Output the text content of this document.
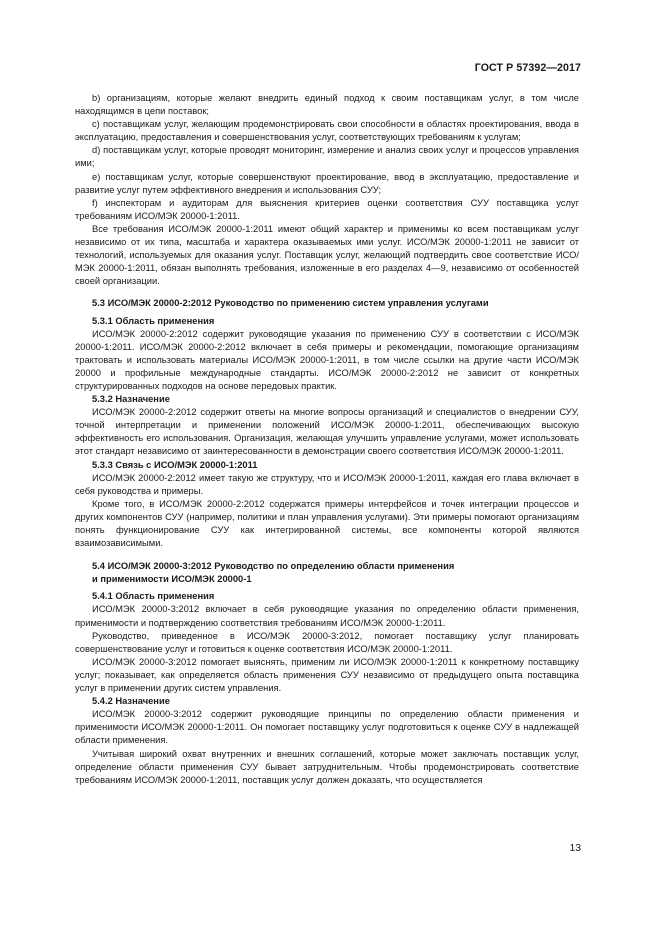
ГОСТ Р 57392—2017

b) организациям, которые желают внедрить единый подход к своим поставщикам услуг, в том числе находящимся в цепи поставок;

c) поставщикам услуг, желающим продемонстрировать свои способности в областях проектирования, ввода в эксплуатацию, предоставления и совершенствования услуг, соответствующих требованиям к услугам;

d) поставщикам услуг, которые проводят мониторинг, измерение и анализ своих услуг и процессов управления ими;

e) поставщикам услуг, которые совершенствуют проектирование, ввод в эксплуатацию, предоставление и развитие услуг путем эффективного внедрения и использования СУУ;

f) инспекторам и аудиторам для выяснения критериев оценки соответствия СУУ поставщика услуг требованиям ИСО/МЭК 20000-1:2011.

Все требования ИСО/МЭК 20000-1:2011 имеют общий характер и применимы ко всем поставщикам услуг независимо от их типа, масштаба и характера оказываемых ими услуг. ИСО/МЭК 20000-1:2011 не зависит от технологий, используемых для оказания услуг. Поставщик услуг, желающий подтвердить свое соответствие ИСО/МЭК 20000-1:2011, обязан выполнять требования, изложенные в его разделах 4—9, независимо от особенностей своей организации.

5.3 ИСО/МЭК 20000-2:2012 Руководство по применению систем управления услугами

5.3.1 Область применения

ИСО/МЭК 20000-2:2012 содержит руководящие указания по применению СУУ в соответствии с ИСО/МЭК 20000-1:2011. ИСО/МЭК 20000-2:2012 включает в себя примеры и рекомендации, помогающие организациям трактовать и использовать материалы ИСО/МЭК 20000-1:2011, в том числе ссылки на другие части ИСО/МЭК 20000 и профильные международные стандарты. ИСО/МЭК 20000-2:2012 не зависит от конкретных структурированных подходов на основе передовых практик.

5.3.2 Назначение

ИСО/МЭК 20000-2:2012 содержит ответы на многие вопросы организаций и специалистов о внедрении СУУ, точной интерпретации и применении положений ИСО/МЭК 20000-1:2011, обеспечивающих высокую эффективность его использования. Организация, желающая улучшить управление услугами, может использовать этот стандарт независимо от заинтересованности в демонстрации своего соответствия ИСО/МЭК 20000-1:2011.

5.3.3 Связь с ИСО/МЭК 20000-1:2011

ИСО/МЭК 20000-2:2012 имеет такую же структуру, что и ИСО/МЭК 20000-1:2011, каждая его глава включает в себя руководства и примеры.

Кроме того, в ИСО/МЭК 20000-2:2012 содержатся примеры интерфейсов и точек интеграции процессов и других компонентов СУУ (например, политики и план управления услугами). Эти примеры помогают организациям понять функционирование СУУ как интегрированной системы, все компоненты которой являются взаимозависимыми.

5.4 ИСО/МЭК 20000-3:2012 Руководство по определению области применения
и применимости ИСО/МЭК 20000-1

5.4.1 Область применения

ИСО/МЭК 20000-3:2012 включает в себя руководящие указания по определению области применения, применимости и подтверждению соответствия требованиям ИСО/МЭК 20000-1:2011.

Руководство, приведенное в ИСО/МЭК 20000-3:2012, помогает поставщику услуг планировать совершенствование услуг и готовиться к оценке соответствия ИСО/МЭК 20000-1:2011.

ИСО/МЭК 20000-3:2012 помогает выяснять, применим ли ИСО/МЭК 20000-1:2011 к конкретному поставщику услуг; показывает, как определяется область применения СУУ независимо от предыдущего опыта поставщика услуг в применении других систем управления.

5.4.2 Назначение

ИСО/МЭК 20000-3:2012 содержит руководящие принципы по определению области применения и применимости ИСО/МЭК 20000-1:2011. Он помогает поставщику услуг подготовиться к оценке СУУ в надлежащей области применения.

Учитывая широкий охват внутренних и внешних соглашений, которые может заключать поставщик услуг, определение области применения СУУ бывает затруднительным. Чтобы продемонстрировать соответствие требованиям ИСО/МЭК 20000-1:2011, поставщик услуг должен доказать, что осуществляется

13
